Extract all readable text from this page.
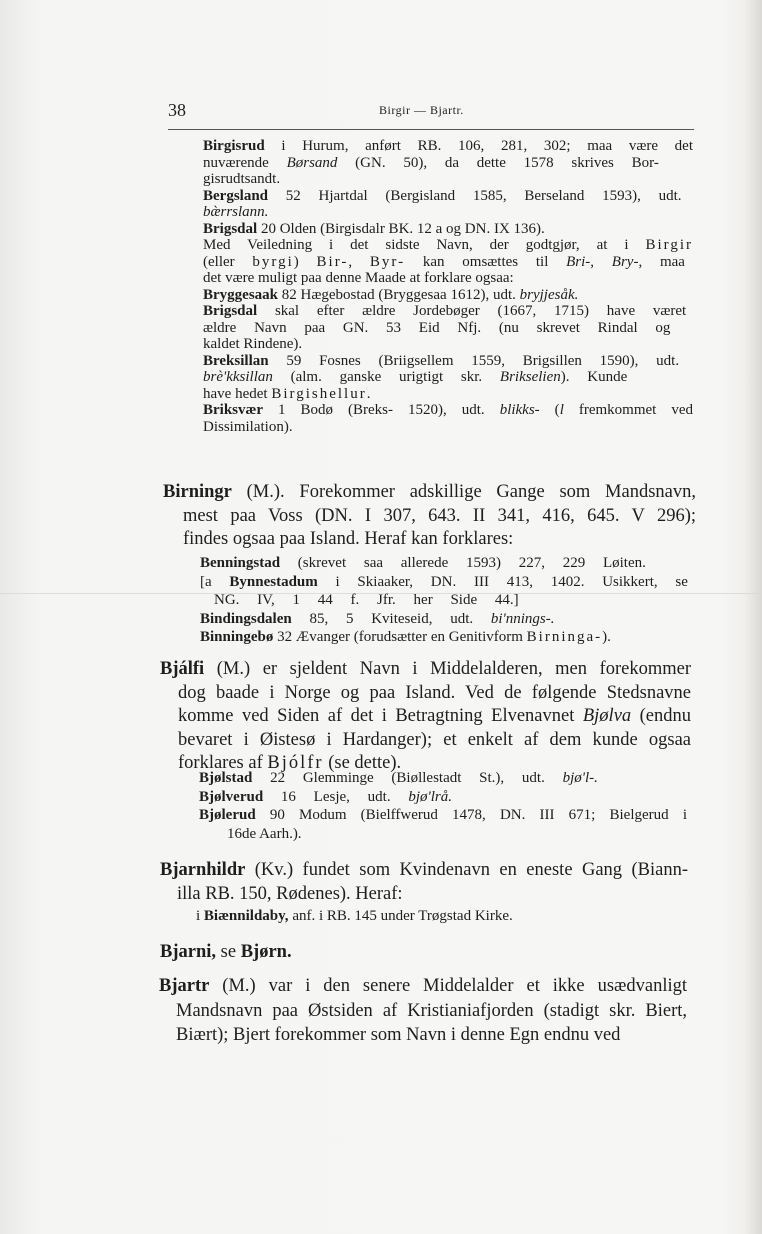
38	Birgir — Bjartr.
Birgisrud i Hurum, anført RB. 106, 281, 302; maa være det
nuværende Børsand (GN. 50), da dette 1578 skrives Bor-
gisrudtsandt.
Bergsland 52 Hjartdal (Bergisland 1585, Berseland 1593), udt.
bæ̀rrslann.
Brigsdal 20 Olden (Birgisdalr BK. 12 a og DN. IX 136).
Med Veiledning i det sidste Navn, der godtgjør, at i Birgir
(eller byrgi) Bir-, Byr- kan omsættes til Bri-, Bry-, maa
det være muligt paa denne Maade at forklare ogsaa:
Bryggesaak 82 Hægebostad (Bryggesaa 1612), udt. bryjjesåk.
Brigsdal skal efter ældre Jordebøger (1667, 1715) have været
ældre Navn paa GN. 53 Eid Nfj. (nu skrevet Rindal og
kaldet Rindene).
Breksillan 59 Fosnes (Briigsellem 1559, Brigsillen 1590), udt.
brè'kksillan (alm. ganske urigtigt skr. Brikselien). Kunde
have hedet Birgishellur.
Briksvær 1 Bodø (Breks- 1520), udt. blikks- (l fremkommet ved
Dissimilation).
Birningr (M.). Forekommer adskillige Gange som Mandsnavn,
mest paa Voss (DN. I 307, 643. II 341, 416, 645. V 296);
findes ogsaa paa Island. Heraf kan forklares:
Benningstad (skrevet saa allerede 1593) 227, 229 Løiten.
[a Bynnestadum i Skiaaker, DN. III 413, 1402. Usikkert, se
NG. IV, 1 44 f. Jfr. her Side 44.]
Bindingsdalen 85, 5 Kviteseid, udt. bi'nnings-.
Binningebø 32 Ævanger (forudsætter en Genitivform Birninga-).
Bjálfi (M.) er sjeldent Navn i Middelalderen, men forekommer
dog baade i Norge og paa Island. Ved de følgende Stedsnavne
komme ved Siden af det i Betragtning Elvenavnet Bjølva (endnu
bevaret i Øistesø i Hardanger); et enkelt af dem kunde ogsaa
forklares af Bjólfr (se dette).
Bjølstad 22 Glemminge (Biøllestadt St.), udt. bjø'l-.
Bjølverud 16 Lesje, udt. bjø'lrå.
Bjølerud 90 Modum (Bielffwerud 1478, DN. III 671; Bielgerud i
16de Aarh.).
Bjarnhildr (Kv.) fundet som Kvindenavn en eneste Gang (Biann-
illa RB. 150, Rødenes). Heraf:
i Biænnildaby, anf. i RB. 145 under Trøgstad Kirke.
Bjarni, se Bjørn.
Bjartr (M.) var i den senere Middelalder et ikke usædvanligt
Mandsnavn paa Østsiden af Kristianiafjorden (stadigt skr. Biert,
Biært); Bjert forekommer som Navn i denne Egn endnu ved
